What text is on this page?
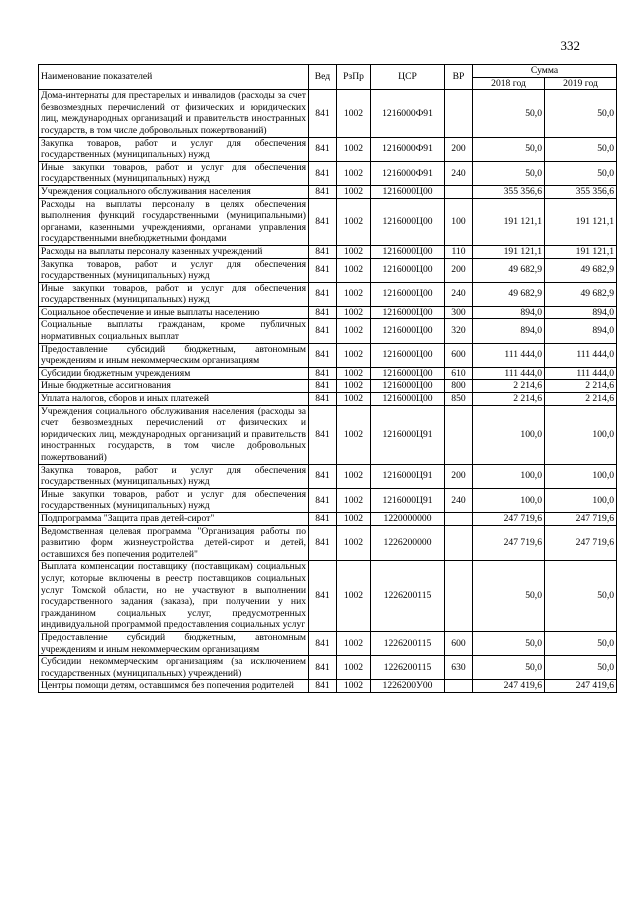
332
Наименование показателей	Вед	РзПр	ЦСР	ВР	Сумма	
					2018 год	2019 год
Дома-интернаты для престарелых и инвалидов (расходы за счет безвозмездных перечислений от физических и юридических лиц, международных организаций и правительств иностранных государств, в том числе добровольных пожертвований)	841	1002	1216000Ф91		50,0	50,0
Закупка товаров, работ и услуг для обеспечения государственных (муниципальных) нужд	841	1002	1216000Ф91	200	50,0	50,0
Иные закупки товаров, работ и услуг для обеспечения государственных (муниципальных) нужд	841	1002	1216000Ф91	240	50,0	50,0
Учреждения социального обслуживания населения	841	1002	1216000Ц00		355 356,6	355 356,6
Расходы на выплаты персоналу в целях обеспечения выполнения функций государственными (муниципальными) органами, казенными учреждениями, органами управления государственными внебюджетными фондами	841	1002	1216000Ц00	100	191 121,1	191 121,1
Расходы на выплаты персоналу казенных учреждений	841	1002	1216000Ц00	110	191 121,1	191 121,1
Закупка товаров, работ и услуг для обеспечения государственных (муниципальных) нужд	841	1002	1216000Ц00	200	49 682,9	49 682,9
Иные закупки товаров, работ и услуг для обеспечения государственных (муниципальных) нужд	841	1002	1216000Ц00	240	49 682,9	49 682,9
Социальное обеспечение и иные выплаты населению	841	1002	1216000Ц00	300	894,0	894,0
Социальные выплаты гражданам, кроме публичных нормативных социальных выплат	841	1002	1216000Ц00	320	894,0	894,0
Предоставление субсидий бюджетным, автономным учреждениям и иным некоммерческим организациям	841	1002	1216000Ц00	600	111 444,0	111 444,0
Субсидии бюджетным учреждениям	841	1002	1216000Ц00	610	111 444,0	111 444,0
Иные бюджетные ассигнования	841	1002	1216000Ц00	800	2 214,6	2 214,6
Уплата налогов, сборов и иных платежей	841	1002	1216000Ц00	850	2 214,6	2 214,6
Учреждения социального обслуживания населения (расходы за счет безвозмездных перечислений от физических и юридических лиц, международных организаций и правительств иностранных государств, в том числе добровольных пожертвований)	841	1002	1216000Ц91		100,0	100,0
Закупка товаров, работ и услуг для обеспечения государственных (муниципальных) нужд	841	1002	1216000Ц91	200	100,0	100,0
Иные закупки товаров, работ и услуг для обеспечения государственных (муниципальных) нужд	841	1002	1216000Ц91	240	100,0	100,0
Подпрограмма "Защита прав детей-сирот"	841	1002	1220000000		247 719,6	247 719,6
Ведомственная целевая программа "Организация работы по развитию форм жизнеустройства детей-сирот и детей, оставшихся без попечения родителей"	841	1002	1226200000		247 719,6	247 719,6
Выплата компенсации поставщику (поставщикам) социальных услуг, которые включены в реестр поставщиков социальных услуг Томской области, но не участвуют в выполнении государственного задания (заказа), при получении у них гражданином социальных услуг, предусмотренных индивидуальной программой предоставления социальных услуг	841	1002	1226200115		50,0	50,0
Предоставление субсидий бюджетным, автономным учреждениям и иным некоммерческим организациям	841	1002	1226200115	600	50,0	50,0
Субсидии некоммерческим организациям (за исключением государственных (муниципальных) учреждений)	841	1002	1226200115	630	50,0	50,0
Центры помощи детям, оставшимся без попечения родителей	841	1002	1226200У00		247 419,6	247 419,6
